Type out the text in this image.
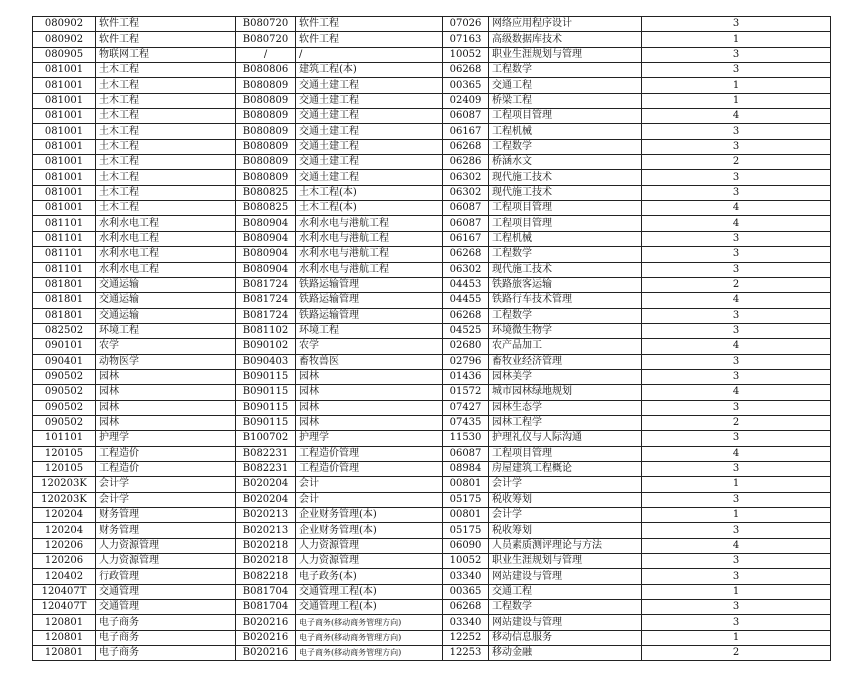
080902	软件工程	B080720	软件工程	07026	网络应用程序设计	3
080902	软件工程	B080720	软件工程	07163	高级数据库技术	1
080905	物联网工程	/	/	10052	职业生涯规划与管理	3
081001	土木工程	B080806	建筑工程(本)	06268	工程数学	3
081001	土木工程	B080809	交通土建工程	00365	交通工程	1
081001	土木工程	B080809	交通土建工程	02409	桥梁工程	1
081001	土木工程	B080809	交通土建工程	06087	工程项目管理	4
081001	土木工程	B080809	交通土建工程	06167	工程机械	3
081001	土木工程	B080809	交通土建工程	06268	工程数学	3
081001	土木工程	B080809	交通土建工程	06286	桥涵水文	2
081001	土木工程	B080809	交通土建工程	06302	现代施工技术	3
081001	土木工程	B080825	土木工程(本)	06302	现代施工技术	3
081001	土木工程	B080825	土木工程(本)	06087	工程项目管理	4
081101	水利水电工程	B080904	水利水电与港航工程	06087	工程项目管理	4
081101	水利水电工程	B080904	水利水电与港航工程	06167	工程机械	3
081101	水利水电工程	B080904	水利水电与港航工程	06268	工程数学	3
081101	水利水电工程	B080904	水利水电与港航工程	06302	现代施工技术	3
081801	交通运输	B081724	铁路运输管理	04453	铁路旅客运输	2
081801	交通运输	B081724	铁路运输管理	04455	铁路行车技术管理	4
081801	交通运输	B081724	铁路运输管理	06268	工程数学	3
082502	环境工程	B081102	环境工程	04525	环境微生物学	3
090101	农学	B090102	农学	02680	农产品加工	4
090401	动物医学	B090403	畜牧兽医	02796	畜牧业经济管理	3
090502	园林	B090115	园林	01436	园林美学	3
090502	园林	B090115	园林	01572	城市园林绿地规划	4
090502	园林	B090115	园林	07427	园林生态学	3
090502	园林	B090115	园林	07435	园林工程学	2
101101	护理学	B100702	护理学	11530	护理礼仪与人际沟通	3
120105	工程造价	B082231	工程造价管理	06087	工程项目管理	4
120105	工程造价	B082231	工程造价管理	08984	房屋建筑工程概论	3
120203K	会计学	B020204	会计	00801	会计学	1
120203K	会计学	B020204	会计	05175	税收筹划	3
120204	财务管理	B020213	企业财务管理(本)	00801	会计学	1
120204	财务管理	B020213	企业财务管理(本)	05175	税收筹划	3
120206	人力资源管理	B020218	人力资源管理	06090	人员素质测评理论与方法	4
120206	人力资源管理	B020218	人力资源管理	10052	职业生涯规划与管理	3
120402	行政管理	B082218	电子政务(本)	03340	网站建设与管理	3
120407T	交通管理	B081704	交通管理工程(本)	00365	交通工程	1
120407T	交通管理	B081704	交通管理工程(本)	06268	工程数学	3
120801	电子商务	B020216	电子商务(移动商务管理方向)	03340	网站建设与管理	3
120801	电子商务	B020216	电子商务(移动商务管理方向)	12252	移动信息服务	1
120801	电子商务	B020216	电子商务(移动商务管理方向)	12253	移动金融	2
